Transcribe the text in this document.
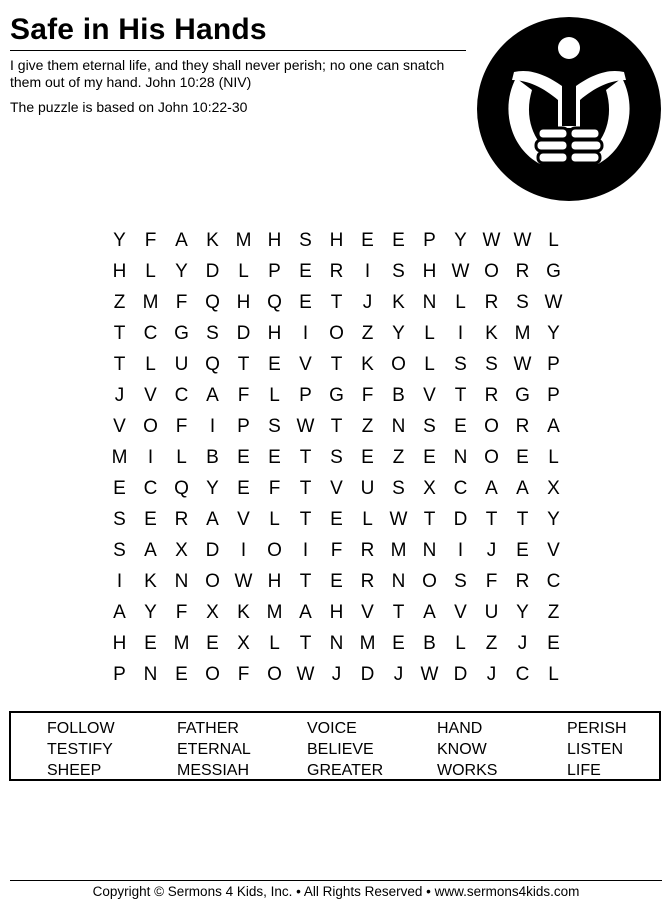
Safe in His Hands
I give them eternal life, and they shall never perish; no one can snatch them out of my hand. John 10:28 (NIV)
The puzzle is based on John 10:22-30
Y F A K M H S H E E P Y W W L
H L	Y D L	P E R	I	S H W O R G
Z M F Q H Q E T	J	K N L R S W
T C G S D H	I	O Z Y	L	I	K M Y
T	L U Q T E V T K O L	S S W P
J	V C A F	L	P G F B V T R G P
V O F	I	P S W T	Z N S E O R A
M	I	L	B E E T S E Z E N O E	L
E C Q Y E F	T V U S X C A A X
S E R A V	L	T E	L W T D T	T Y
S A X D	I	O	I	F R M N	I	J	E V
I	K N O W H T E R N O S F R C
A Y F X K M A H V T A V U Y Z
H E M E X	L	T N M E B	L	Z	J	E
P N E O F O W J	D	J W D	J	C L
FOLLOW	FATHER	VOICE	HAND	PERISH
TESTIFY	ETERNAL	BELIEVE	KNOW	LISTEN
SHEEP	MESSIAH	GREATER	WORKS	LIFE
Copyright © Sermons 4 Kids, Inc. • All Rights Reserved • www.sermons4kids.com
